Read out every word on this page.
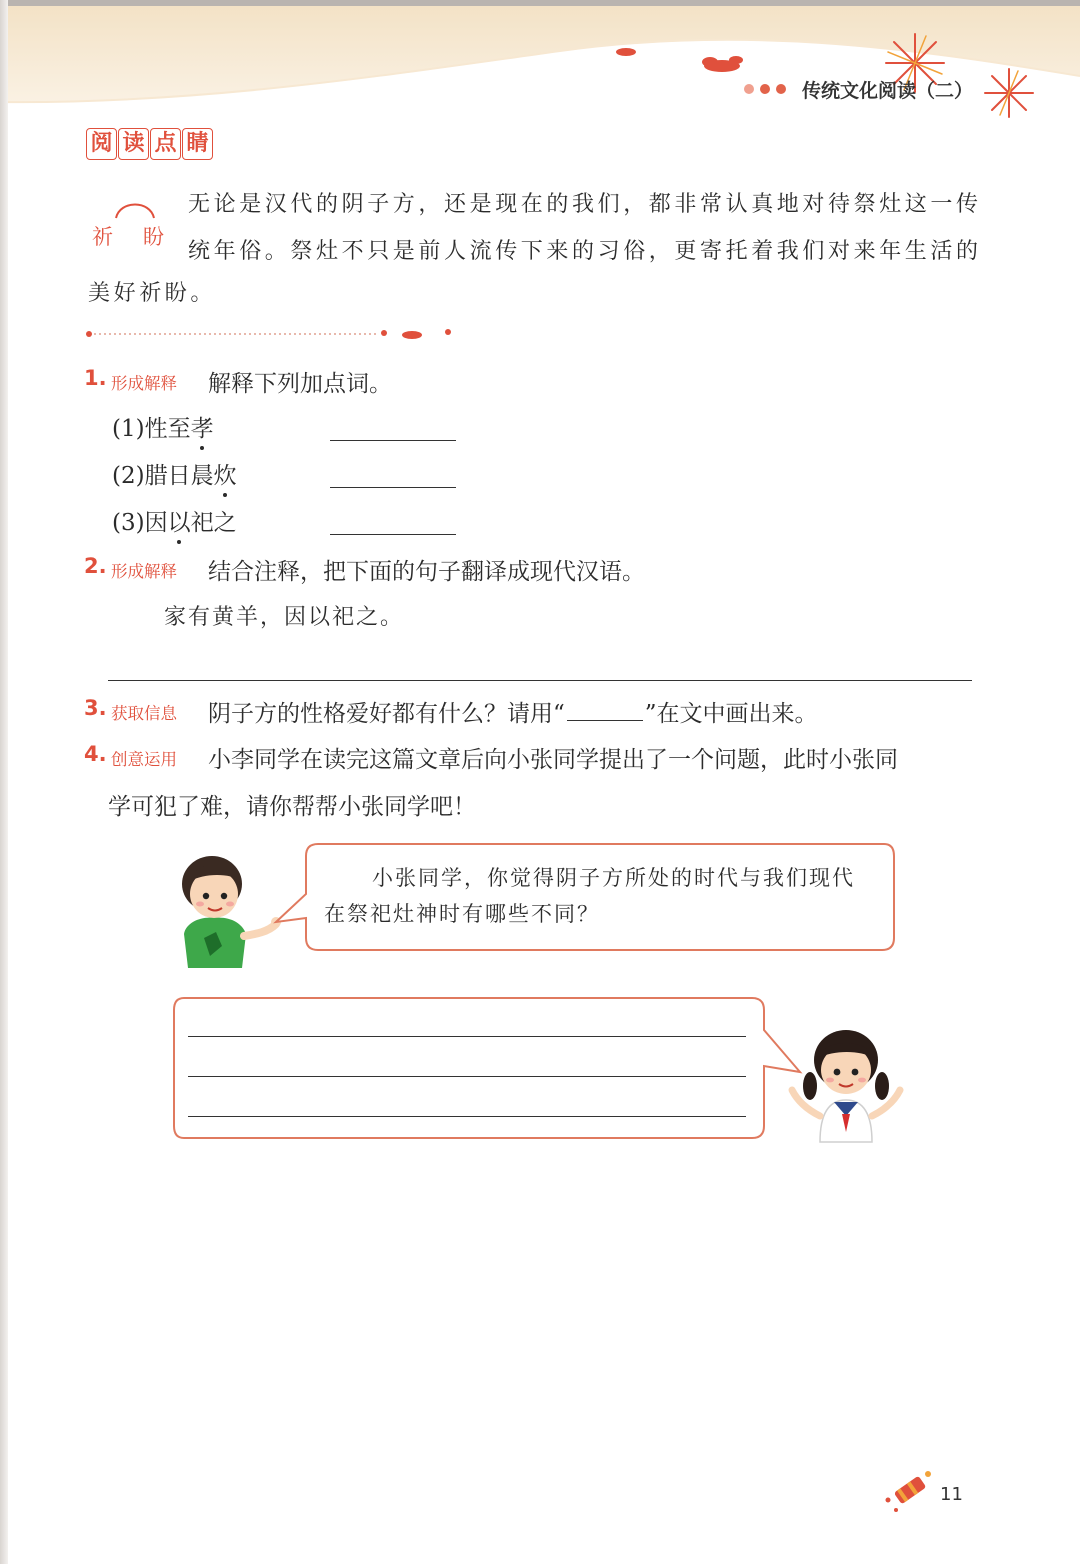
传统文化阅读（二）
阅 读 点 睛
祈 盼
无论是汉代的阴子方，还是现在的我们，都非常认真地对待祭灶这一传
统年俗。祭灶不只是前人流传下来的习俗，更寄托着我们对来年生活的
美好祈盼。
1. 形成解释 解释下列加点词。
(1)性至孝
(2)腊日晨炊
(3)因以祀之
2. 形成解释 结合注释，把下面的句子翻译成现代汉语。
家有黄羊，因以祀之。
3. 获取信息 阴子方的性格爱好都有什么？请用“	”在文中画出来。
4. 创意运用 小李同学在读完这篇文章后向小张同学提出了一个问题，此时小张同
学可犯了难，请你帮帮小张同学吧！
小张同学，你觉得阴子方所处的时代与我们现代
在祭祀灶神时有哪些不同？
11
